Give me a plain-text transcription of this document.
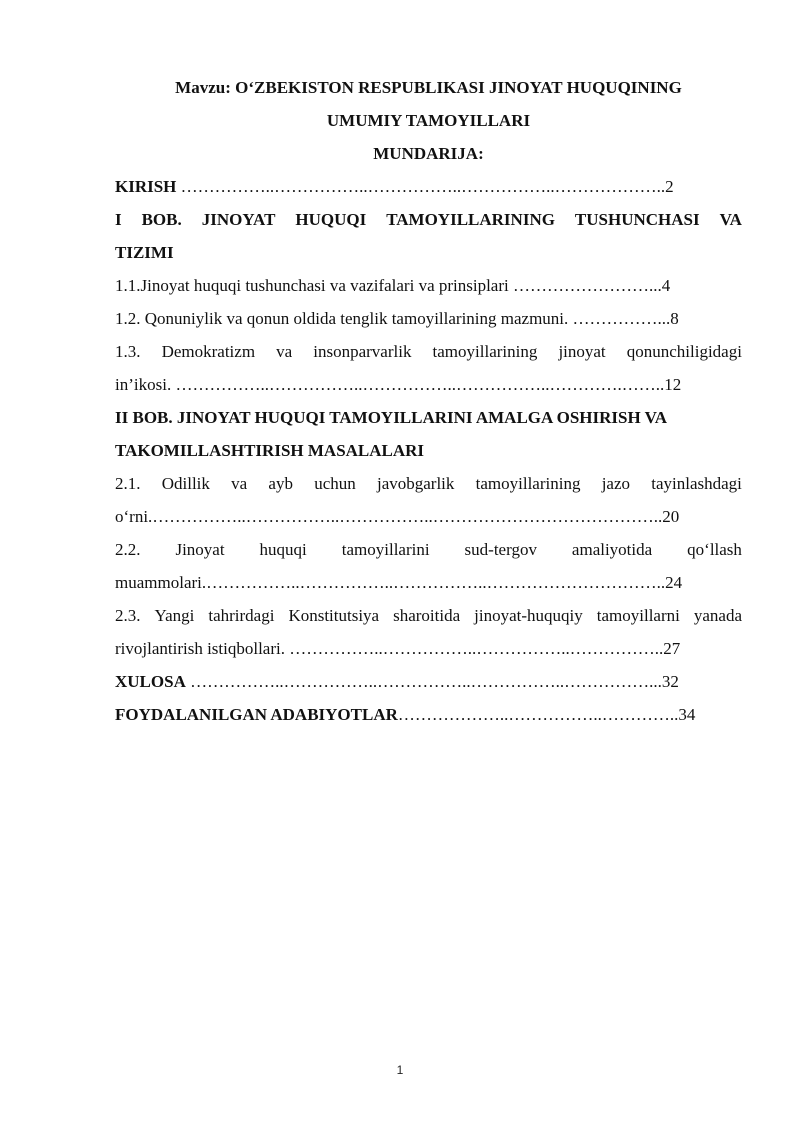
Mavzu: O‘ZBEKISTON RESPUBLIKASI JINOYAT HUQUQINING
UMUMIY TAMOYILLARI
MUNDARIJA:
KIRISH ……………..……………..……………..……………..………………..2
I BOB. JINOYAT HUQUQI TAMOYILLARINING TUSHUNCHASI VA
TIZIMI
1.1.Jinoyat huquqi tushunchasi va vazifalari va prinsiplari ……………………...4
1.2. Qonuniylik va qonun oldida tenglik tamoyillarining mazmuni. ……………...8
1.3. Demokratizm va insonparvarlik tamoyillarining jinoyat qonunchiligidagi
in’ikosi. ……………..……………..……………..……………..………….……..12
II BOB. JINOYAT HUQUQI TAMOYILLARINI AMALGA OSHIRISH VA
TAKOMILLASHTIRISH MASALALARI
2.1. Odillik va ayb uchun javobgarlik tamoyillarining jazo tayinlashdagi
o‘rni.……………..……………..……………..…………………………………..20
2.2. Jinoyat huquqi tamoyillarini sud-tergov amaliyotida qo‘llash
muammolari.……………..……………..……………..…………………………..24
2.3. Yangi tahrirdagi Konstitutsiya sharoitida jinoyat-huquqiy tamoyillarni yanada
rivojlantirish istiqbollari. ……………..……………..……………..……………..27
XULOSA ……………..……………..……………..……………..……………...32
FOYDALANILGAN ADABIYOTLAR………………..……………..…………..34
1
